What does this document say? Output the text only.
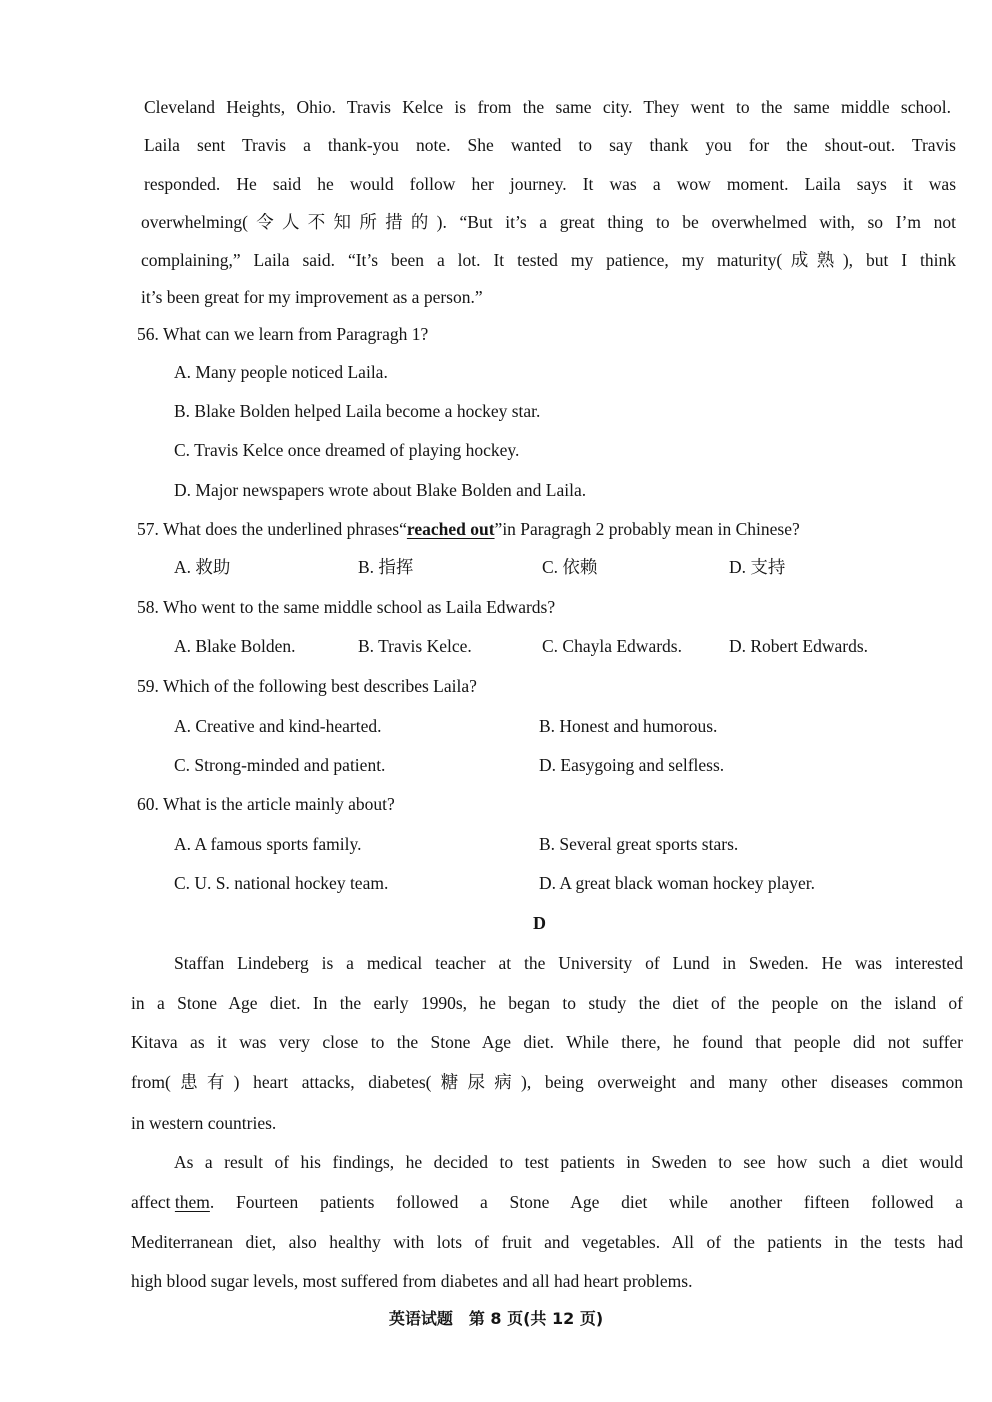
Cleveland Heights, Ohio. Travis Kelce is from the same city. They went to the same middle school.
Laila sent Travis a thank-you note. She wanted to say thank you for the shout-out. Travis
responded. He said he would follow her journey. It was a wow moment. Laila says it was
overwhelming(令人不知所措的). “But it’s a great thing to be overwhelmed with, so I’m not
complaining,” Laila said. “It’s been a lot. It tested my patience, my maturity(成熟), but I think
it’s been great for my improvement as a person.”
56. What can we learn from Paragragh 1?
A. Many people noticed Laila.
B. Blake Bolden helped Laila become a hockey star.
C. Travis Kelce once dreamed of playing hockey.
D. Major newspapers wrote about Blake Bolden and Laila.
57. What does the underlined phrases“reached out”in Paragragh 2 probably mean in Chinese?
A. 救助	B. 指挥	C. 依赖	D. 支持
58. Who went to the same middle school as Laila Edwards?
A. Blake Bolden.	B. Travis Kelce.	C. Chayla Edwards.	D. Robert Edwards.
59. Which of the following best describes Laila?
A. Creative and kind-hearted.	B. Honest and humorous.
C. Strong-minded and patient.	D. Easygoing and selfless.
60. What is the article mainly about?
A. A famous sports family.	B. Several great sports stars.
C. U. S. national hockey team.	D. A great black woman hockey player.
D
Staffan Lindeberg is a medical teacher at the University of Lund in Sweden. He was interested
in a Stone Age diet. In the early 1990s, he began to study the diet of the people on the island of
Kitava as it was very close to the Stone Age diet. While there, he found that people did not suffer
from(患有) heart attacks, diabetes(糖尿病), being overweight and many other diseases common
in western countries.
As a result of his findings, he decided to test patients in Sweden to see how such a diet would
affect
them . Fourteen patients followed a Stone Age diet while another fifteen followed a
Mediterranean diet, also healthy with lots of fruit and vegetables. All of the patients in the tests had
high blood sugar levels, most suffered from diabetes and all had heart problems.
英语试题　第 8 页(共 12 页)
